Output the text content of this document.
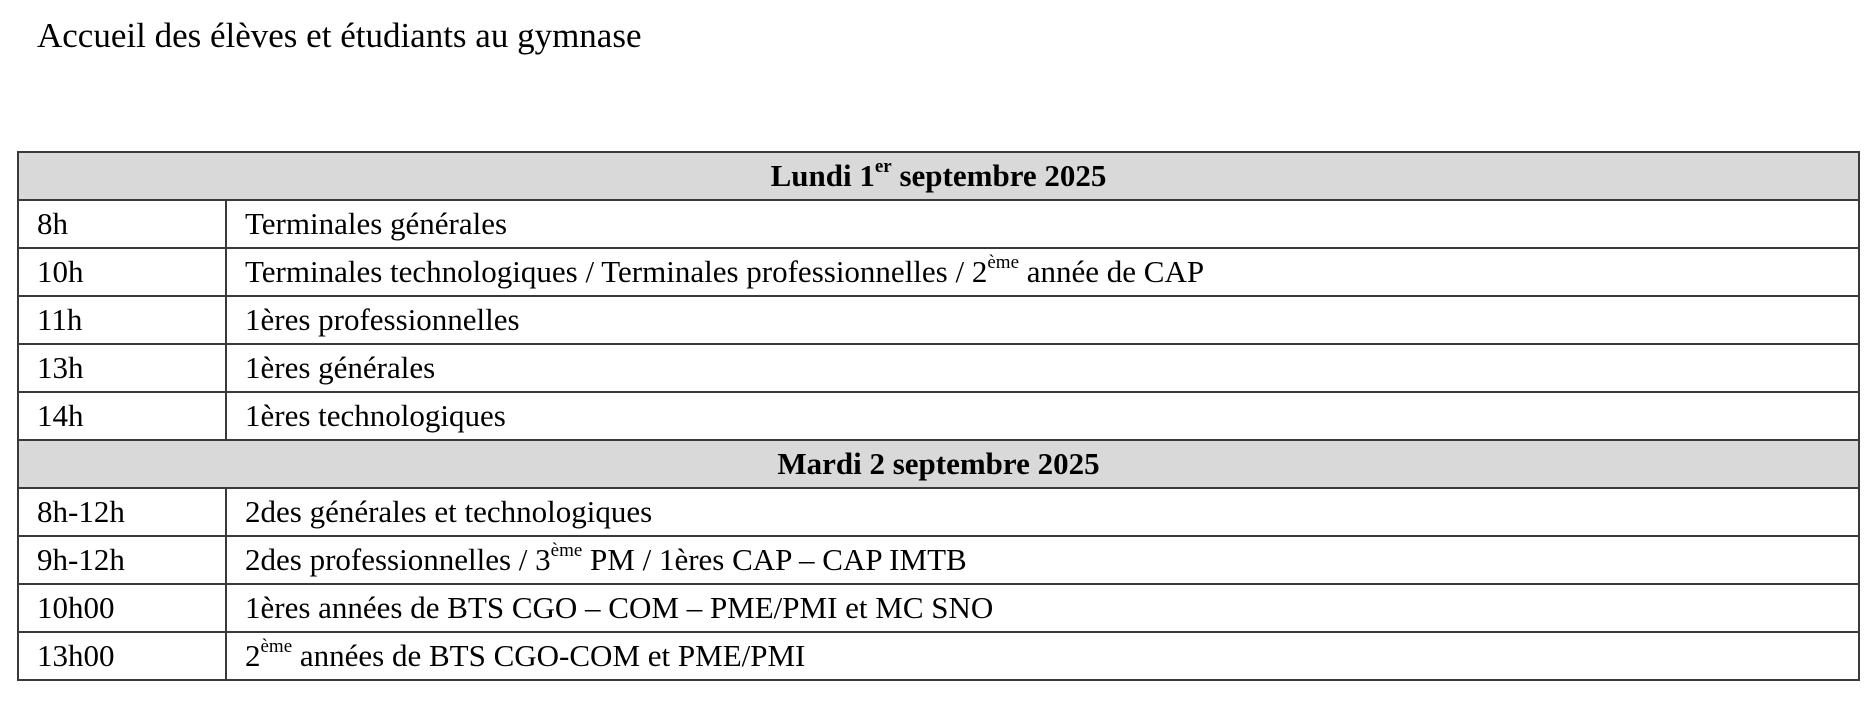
Accueil des élèves et étudiants au gymnase
Lundi 1er septembre 2025	
8h	Terminales générales
10h	Terminales technologiques / Terminales professionnelles / 2ème année de CAP
11h	1ères professionnelles
13h	1ères générales
14h	1ères technologiques
Mardi 2 septembre 2025	
8h-12h	2des générales et technologiques
9h-12h	2des professionnelles / 3ème PM / 1ères CAP – CAP IMTB
10h00	1ères années de BTS CGO – COM – PME/PMI et MC SNO
13h00	2ème années de BTS CGO-COM et PME/PMI
